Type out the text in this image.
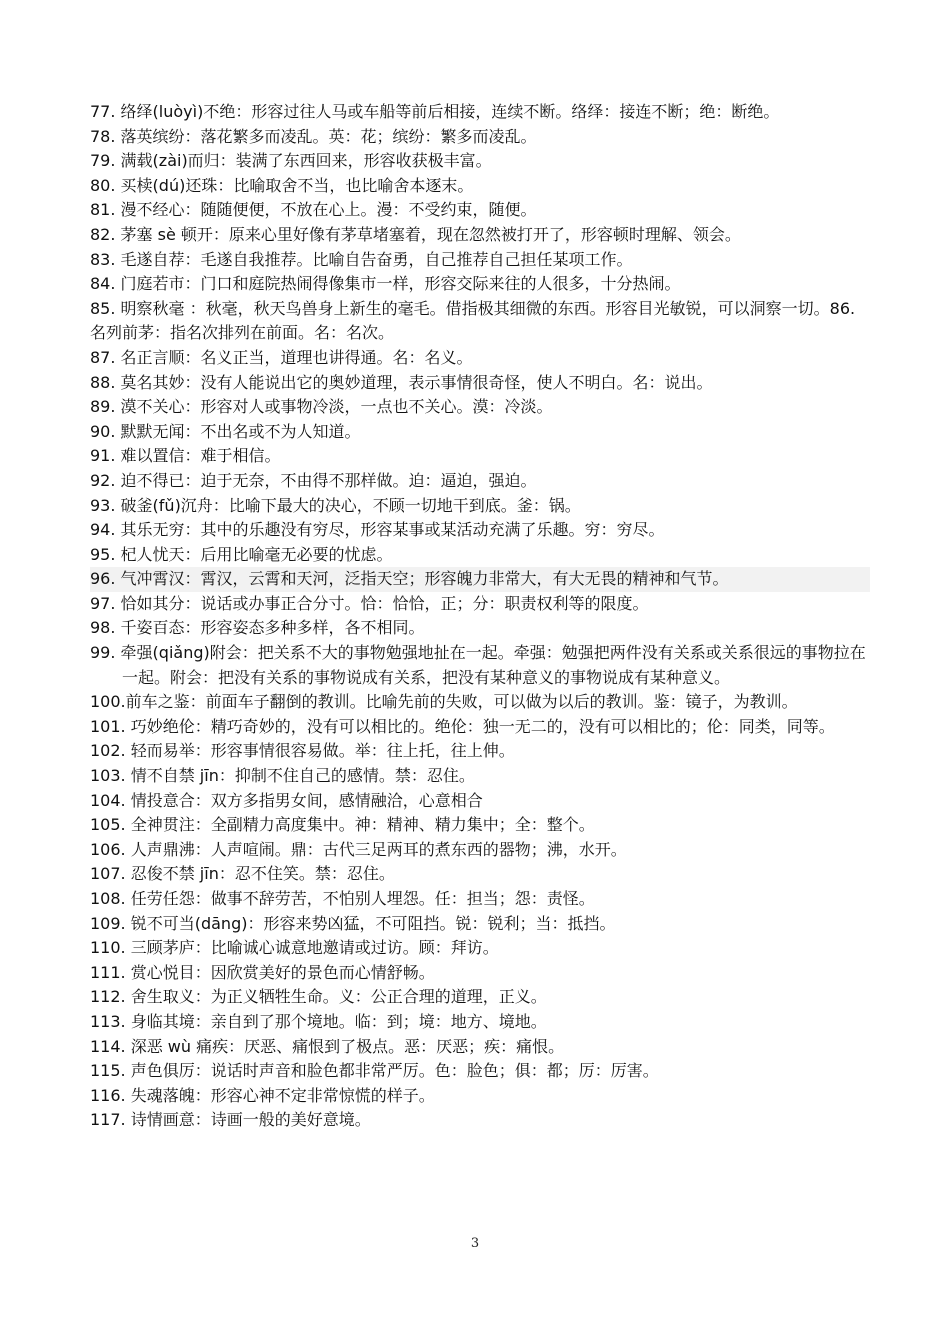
77. 络绎(luòyì)不绝：形容过往人马或车船等前后相接，连续不断。络绎：接连不断；绝：断绝。
78. 落英缤纷：落花繁多而凌乱。英：花；缤纷：繁多而凌乱。
79. 满载(zài)而归：装满了东西回来，形容收获极丰富。
80. 买椟(dú)还珠：比喻取舍不当，也比喻舍本逐末。
81. 漫不经心：随随便便，不放在心上。漫：不受约束，随便。
82. 茅塞 sè 顿开：原来心里好像有茅草堵塞着，现在忽然被打开了，形容顿时理解、领会。
83. 毛遂自荐：毛遂自我推荐。比喻自告奋勇，自己推荐自己担任某项工作。
84. 门庭若市：门口和庭院热闹得像集市一样，形容交际来往的人很多，十分热闹。
85. 明察秋毫 ：秋毫，秋天鸟兽身上新生的毫毛。借指极其细微的东西。形容目光敏锐，可以洞察一切。86. 名列前茅：指名次排列在前面。名：名次。
87. 名正言顺：名义正当，道理也讲得通。名：名义。
88. 莫名其妙：没有人能说出它的奥妙道理，表示事情很奇怪，使人不明白。名：说出。
89. 漠不关心：形容对人或事物冷淡，一点也不关心。漠：冷淡。
90. 默默无闻：不出名或不为人知道。
91. 难以置信：难于相信。
92. 迫不得已：迫于无奈，不由得不那样做。迫：逼迫，强迫。
93. 破釜(fǔ)沉舟：比喻下最大的决心，不顾一切地干到底。釜：锅。
94. 其乐无穷：其中的乐趣没有穷尽，形容某事或某活动充满了乐趣。穷：穷尽。
95. 杞人忧天：后用比喻毫无必要的忧虑。
96. 气冲霄汉：霄汉，云霄和天河，泛指天空；形容魄力非常大，有大无畏的精神和气节。
97. 恰如其分：说话或办事正合分寸。恰：恰恰，正；分：职责权利等的限度。
98. 千姿百态：形容姿态多种多样，各不相同。
99. 牵强(qiǎng)附会：把关系不大的事物勉强地扯在一起。牵强：勉强把两件没有关系或关系很远的事物拉在一起。附会：把没有关系的事物说成有关系，把没有某种意义的事物说成有某种意义。
100.前车之鉴：前面车子翻倒的教训。比喻先前的失败，可以做为以后的教训。鉴：镜子，为教训。
101. 巧妙绝伦：精巧奇妙的，没有可以相比的。绝伦：独一无二的，没有可以相比的；伦：同类，同等。
102. 轻而易举：形容事情很容易做。举：往上托，往上伸。
103. 情不自禁 jīn：抑制不住自己的感情。禁：忍住。
104. 情投意合：双方多指男女间，感情融洽，心意相合
105. 全神贯注：全副精力高度集中。神：精神、精力集中；全：整个。
106. 人声鼎沸：人声喧闹。鼎：古代三足两耳的煮东西的器物；沸，水开。
107. 忍俊不禁 jīn：忍不住笑。禁：忍住。
108. 任劳任怨：做事不辞劳苦，不怕别人埋怨。任：担当；怨：责怪。
109. 锐不可当(dāng)：形容来势凶猛，不可阻挡。锐：锐利；当：抵挡。
110. 三顾茅庐：比喻诚心诚意地邀请或过访。顾：拜访。
111. 赏心悦目：因欣赏美好的景色而心情舒畅。
112. 舍生取义：为正义牺牲生命。义：公正合理的道理，正义。
113. 身临其境：亲自到了那个境地。临：到；境：地方、境地。
114. 深恶 wù 痛疾：厌恶、痛恨到了极点。恶：厌恶；疾：痛恨。
115. 声色俱厉：说话时声音和脸色都非常严厉。色：脸色；俱：都；厉：厉害。
116. 失魂落魄：形容心神不定非常惊慌的样子。
117. 诗情画意：诗画一般的美好意境。
3
